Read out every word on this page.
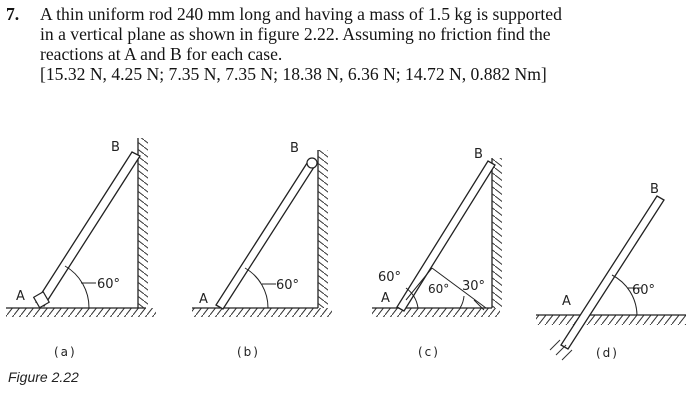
7. A thin uniform rod 240 mm long and having a mass of 1.5 kg is supported
in a vertical plane as shown in figure 2.22. Assuming no friction find the
reactions at A and B for each case.
[15.32 N, 4.25 N; 7.35 N, 7.35 N; 18.38 N, 6.36 N; 14.72 N, 0.882 Nm]
60°
A
B
(a)
60°
A
B
(b)
60°
60° 30°
A
B
(c)
60°
A
B
(d)
Figure 2.22
